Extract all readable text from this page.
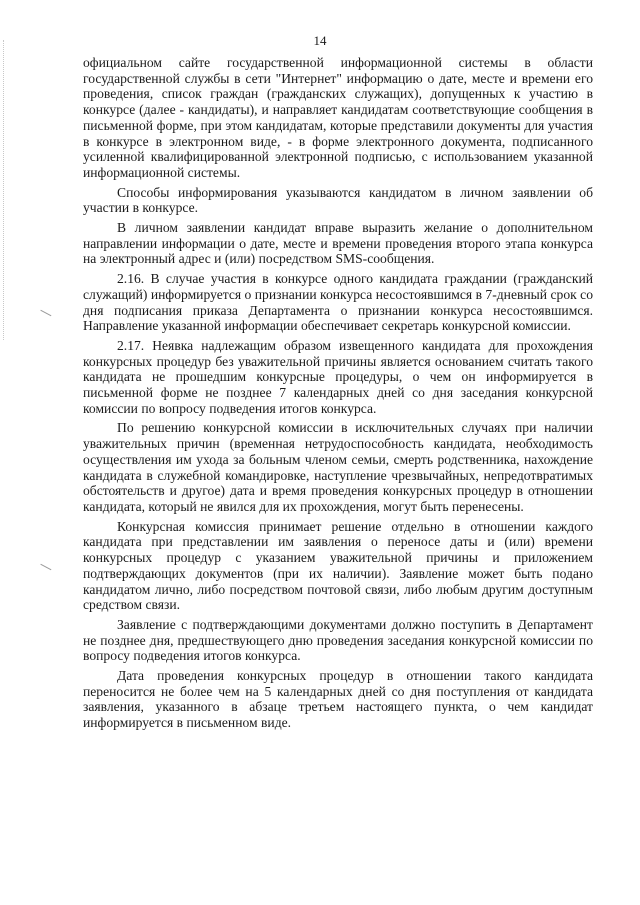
14

официальном сайте государственной информационной системы в области государственной службы в сети "Интернет" информацию о дате, месте и времени его проведения, список граждан (гражданских служащих), допущенных к участию в конкурсе (далее - кандидаты), и направляет кандидатам соответствующие сообщения в письменной форме, при этом кандидатам, которые представили документы для участия в конкурсе в электронном виде, - в форме электронного документа, подписанного усиленной квалифицированной электронной подписью, с использованием указанной информационной системы.

Способы информирования указываются кандидатом в личном заявлении об участии в конкурсе.

В личном заявлении кандидат вправе выразить желание о дополнительном направлении информации о дате, месте и времени проведения второго этапа конкурса на электронный адрес и (или) посредством SMS-сообщения.

2.16. В случае участия в конкурсе одного кандидата граждании (гражданский служащий) информируется о признании конкурса несостоявшимся в 7-дневный срок со дня подписания приказа Департамента о признании конкурса несостоявшимся. Направление указанной информации обеспечивает секретарь конкурсной комиссии.

2.17. Неявка надлежащим образом извещенного кандидата для прохождения конкурсных процедур без уважительной причины является основанием считать такого кандидата не прошедшим конкурсные процедуры, о чем он информируется в письменной форме не позднее 7 календарных дней со дня заседания конкурсной комиссии по вопросу подведения итогов конкурса.

По решению конкурсной комиссии в исключительных случаях при наличии уважительных причин (временная нетрудоспособность кандидата, необходимость осуществления им ухода за больным членом семьи, смерть родственника, нахождение кандидата в служебной командировке, наступление чрезвычайных, непредотвратимых обстоятельств и другое) дата и время проведения конкурсных процедур в отношении кандидата, который не явился для их прохождения, могут быть перенесены.

Конкурсная комиссия принимает решение отдельно в отношении каждого кандидата при представлении им заявления о переносе даты и (или) времени конкурсных процедур с указанием уважительной причины и приложением подтверждающих документов (при их наличии). Заявление может быть подано кандидатом лично, либо посредством почтовой связи, либо любым другим доступным средством связи.

Заявление с подтверждающими документами должно поступить в Департамент не позднее дня, предшествующего дню проведения заседания конкурсной комиссии по вопросу подведения итогов конкурса.

Дата проведения конкурсных процедур в отношении такого кандидата переносится не более чем на 5 календарных дней со дня поступления от кандидата заявления, указанного в абзаце третьем настоящего пункта, о чем кандидат информируется в письменном виде.
